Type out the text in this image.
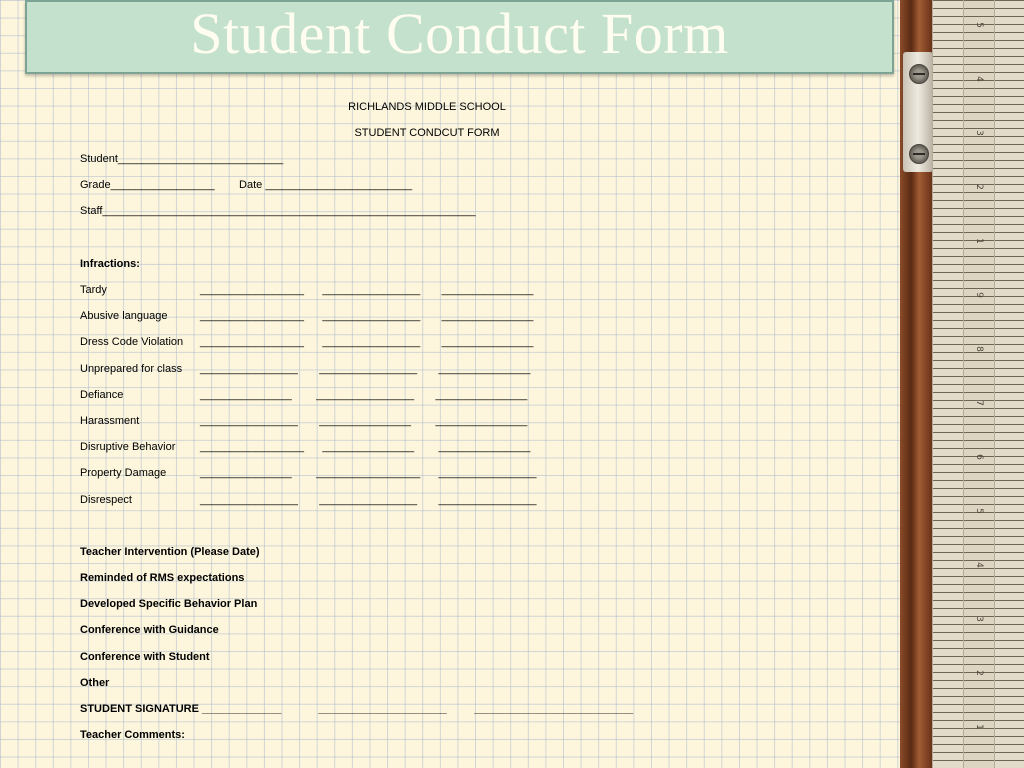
Student Conduct Form
RICHLANDS MIDDLE SCHOOL
STUDENT CONDCUT FORM
Student___________________________
Grade_________________        Date ________________________
Staff_____________________________________________________________
Infractions:
Tardy	_________________      ________________       _______________
Abusive language	_________________      ________________       _______________
Dress Code Violation _________________      ________________       _______________
Unprepared for class ________________       ________________       _______________
Defiance	_______________        ________________       _______________
Harassment	________________       _______________        _______________
Disruptive Behavior _________________      _______________        _______________
Property Damage	_______________        _________________      ________________
Disrespect	________________       ________________       ________________
Teacher Intervention (Please Date)
Reminded of RMS expectations
Developed Specific Behavior Plan
Conference with Guidance
Conference with Student
Other
STUDENT SIGNATURE _____________            _____________________         __________________________
Teacher Comments:
5
4
3
2
1
9
8
7
6
5
4
3
2
1
